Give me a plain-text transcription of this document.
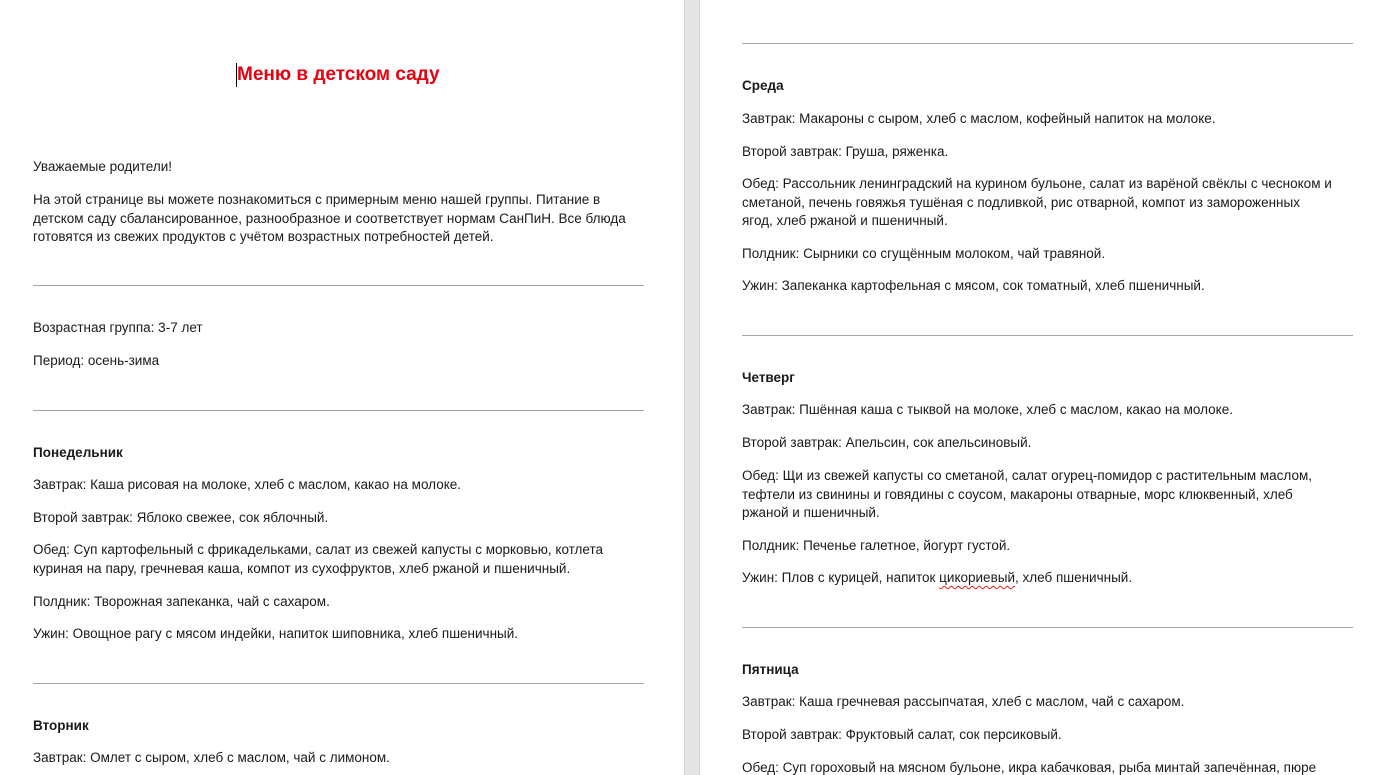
Меню в детском саду

Уважаемые родители!

На этой странице вы можете познакомиться с примерным меню нашей группы. Питание в детском саду сбалансированное, разнообразное и соответствует нормам СанПиН. Все блюда готовятся из свежих продуктов с учётом возрастных потребностей детей.

Возрастная группа: 3-7 лет

Период: осень-зима

Понедельник

Завтрак: Каша рисовая на молоке, хлеб с маслом, какао на молоке.

Второй завтрак: Яблоко свежее, сок яблочный.

Обед: Суп картофельный с фрикадельками, салат из свежей капусты с морковью, котлета

куриная на пару, гречневая каша, компот из сухофруктов, хлеб ржаной и пшеничный.

Полдник: Творожная запеканка, чай с сахаром.

Ужин: Овощное рагу с мясом индейки, напиток шиповника, хлеб пшеничный.

Вторник

Завтрак: Омлет с сыром, хлеб с маслом, чай с лимоном.

Среда

Завтрак: Макароны с сыром, хлеб с маслом, кофейный напиток на молоке.

Второй завтрак: Груша, ряженка.

Обед: Рассольник ленинградский на курином бульоне, салат из варёной свёклы с чесноком и

сметаной, печень говяжья тушёная с подливкой, рис отварной, компот из замороженных

ягод, хлеб ржаной и пшеничный.

Полдник: Сырники со сгущённым молоком, чай травяной.

Ужин: Запеканка картофельная с мясом, сок томатный, хлеб пшеничный.

Четверг

Завтрак: Пшённая каша с тыквой на молоке, хлеб с маслом, какао на молоке.

Второй завтрак: Апельсин, сок апельсиновый.

Обед: Щи из свежей капусты со сметаной, салат огурец-помидор с растительным маслом,

тефтели из свинины и говядины с соусом, макароны отварные, морс клюквенный, хлеб

ржаной и пшеничный.

Полдник: Печенье галетное, йогурт густой.

Ужин: Плов с курицей, напиток цикориевый, хлеб пшеничный.

Пятница

Завтрак: Каша гречневая рассыпчатая, хлеб с маслом, чай с сахаром.

Второй завтрак: Фруктовый салат, сок персиковый.

Обед: Суп гороховый на мясном бульоне, икра кабачковая, рыба минтай запечённая, пюре
